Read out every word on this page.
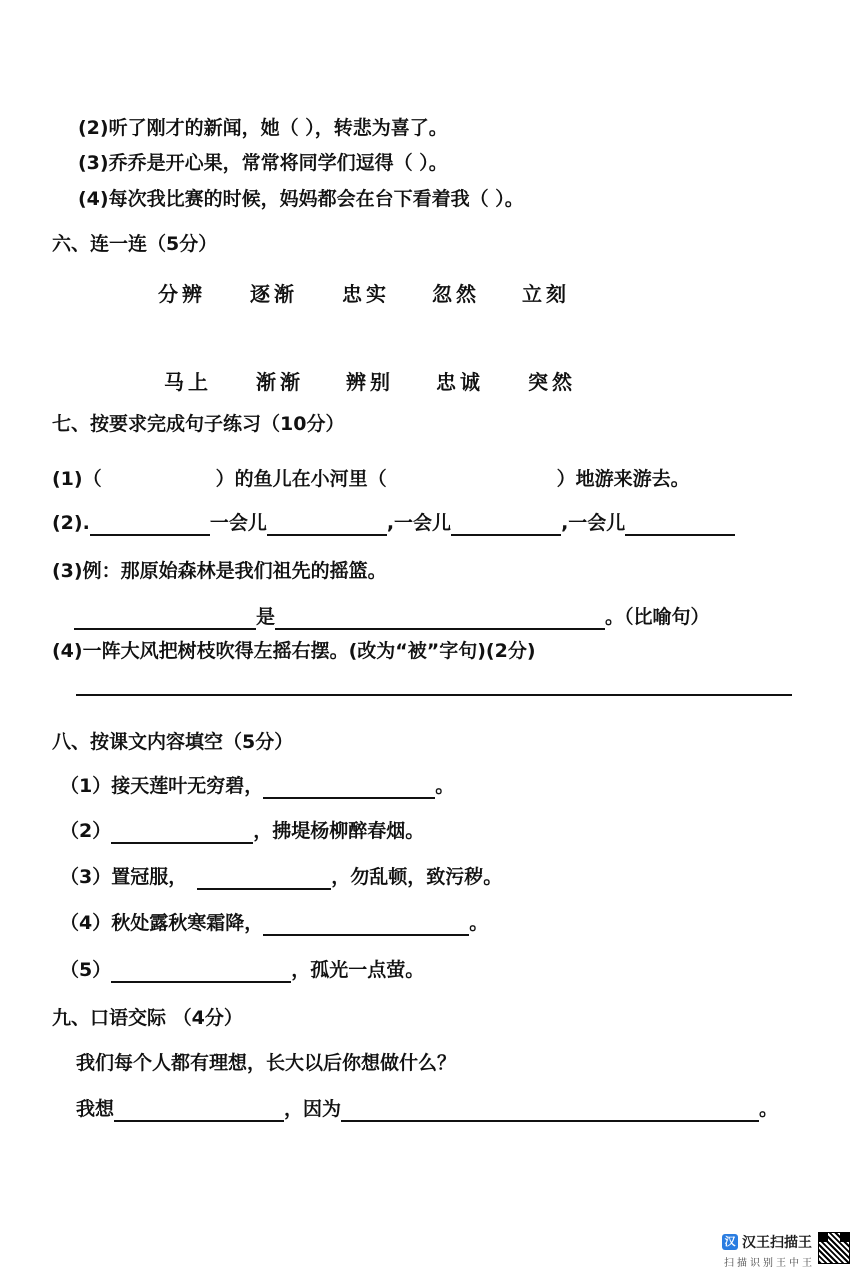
(2)听了刚才的新闻，她（ ），转悲为喜了。
(3)乔乔是开心果，常常将同学们逗得（ ）。
(4)每次我比赛的时候，妈妈都会在台下看着我（ ）。
六、连一连（5分）
分辨 逐渐 忠实 忽然 立刻
马上 渐渐 辨别 忠诚 突然
七、按要求完成句子练习（10分）
(1)（	）的鱼儿在小河里（	）地游来游去。
(2).	一会儿	,一会儿	,一会儿
(3)例：那原始森林是我们祖先的摇篮。
是	。（比喻句）
(4)一阵大风把树枝吹得左摇右摆。(改为“被”字句)(2分)
八、按课文内容填空（5分）
（1）接天莲叶无穷碧，	。
（2）	，拂堤杨柳醉春烟。
（3）置冠服，	，勿乱顿，致污秽。
（4）秋处露秋寒霜降，	。
（5）	，孤光一点萤。
九、口语交际 （4分）
我们每个人都有理想，长大以后你想做什么？
我想	，因为	。
汉 汉王扫描王
扫描识别王中王
